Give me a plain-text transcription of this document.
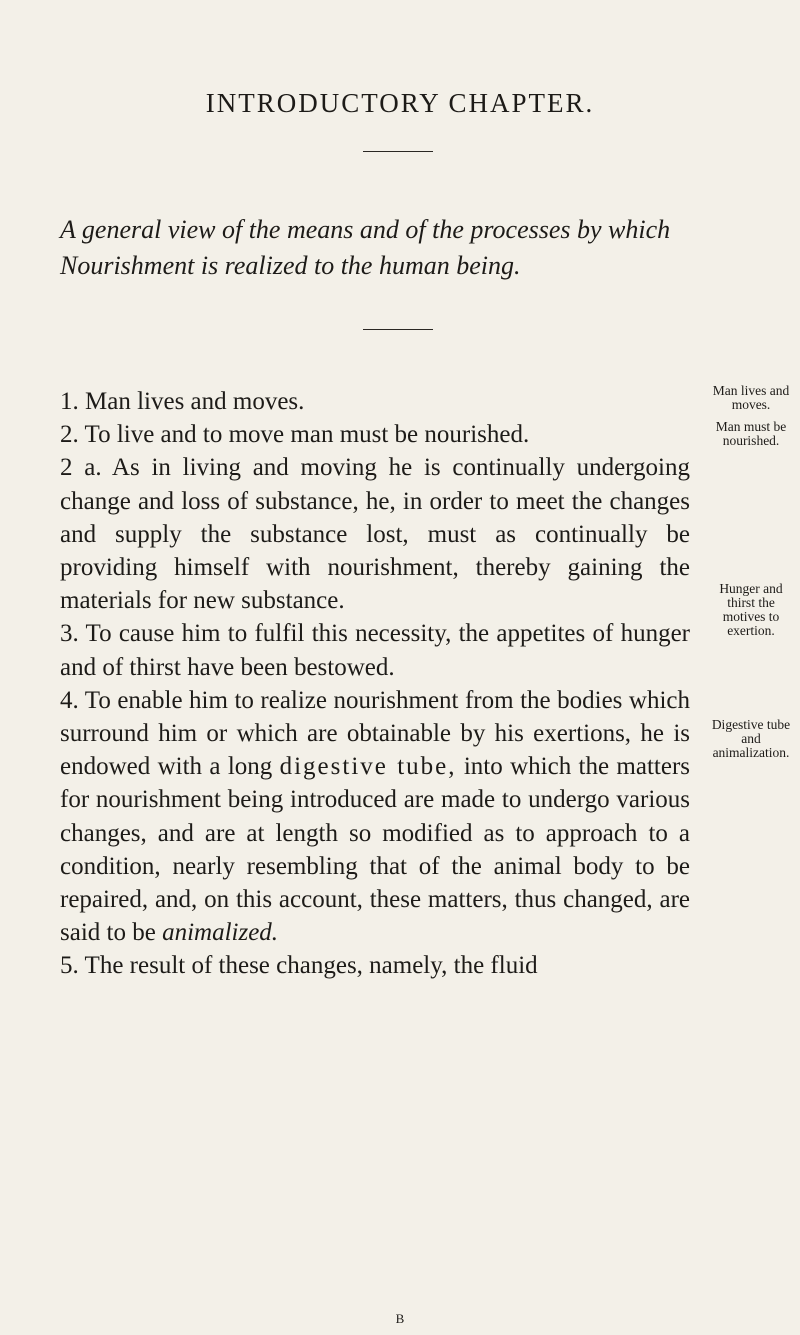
INTRODUCTORY CHAPTER.
A general view of the means and of the processes by which Nourishment is realized to the human being.

1. Man lives and moves.

2. To live and to move man must be nourished.

2 a. As in living and moving he is continually undergoing change and loss of substance, he, in order to meet the changes and supply the substance lost, must as continually be providing himself with nourishment, thereby gaining the materials for new substance.

3. To cause him to fulfil this necessity, the appetites of hunger and of thirst have been bestowed.

4. To enable him to realize nourishment from the bodies which surround him or which are obtainable by his exertions, he is endowed with a long digestive tube, into which the matters for nourishment being introduced are made to undergo various changes, and are at length so modified as to approach to a condition, nearly resembling that of the animal body to be repaired, and, on this account, these matters, thus changed, are said to be animalized.

5. The result of these changes, namely, the fluid

Man lives and moves.
Man must be nourished.
Hunger and thirst the motives to exertion.
Digestive tube and animalization.
B
